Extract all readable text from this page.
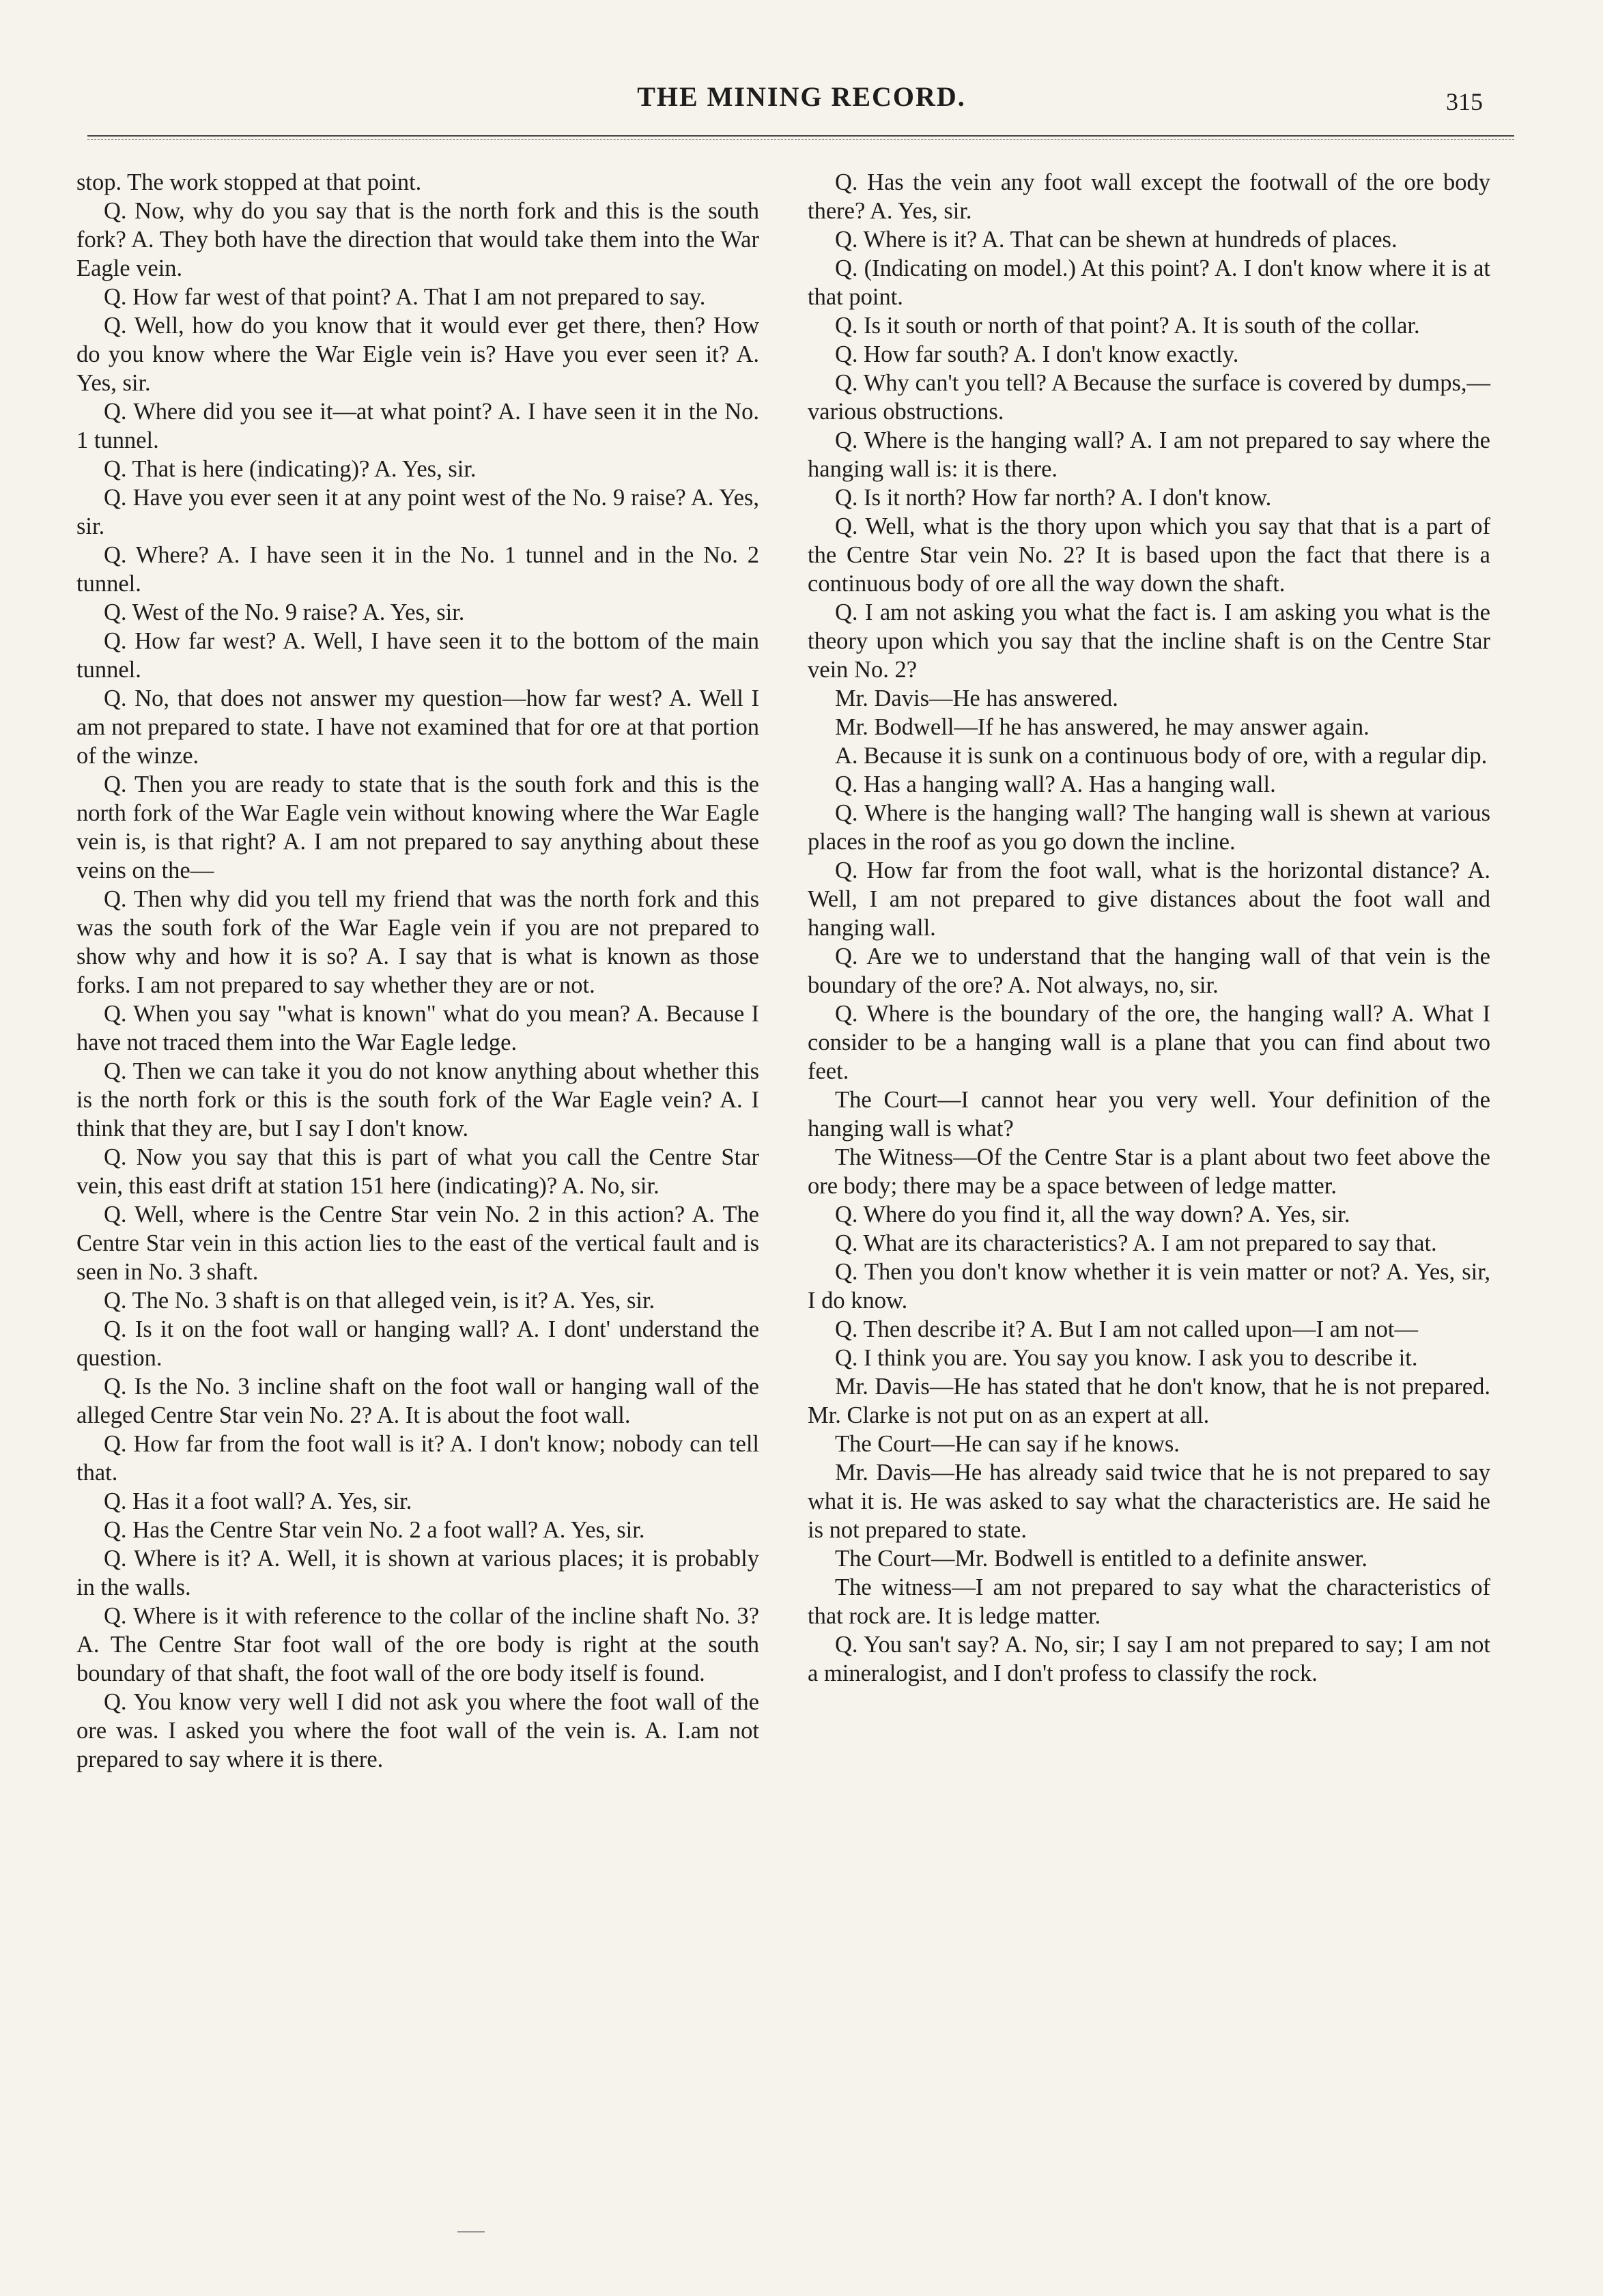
THE MINING RECORD.	315

stop. The work stopped at that point.

Q. Now, why do you say that is the north fork and this is the south fork? A. They both have the direction that would take them into the War Eagle vein.

Q. How far west of that point? A. That I am not prepared to say.

Q. Well, how do you know that it would ever get there, then? How do you know where the War Eigle vein is? Have you ever seen it? A. Yes, sir.

Q. Where did you see it—at what point? A. I have seen it in the No. 1 tunnel.

Q. That is here (indicating)? A. Yes, sir.

Q. Have you ever seen it at any point west of the No. 9 raise? A. Yes, sir.

Q. Where? A. I have seen it in the No. 1 tunnel and in the No. 2 tunnel.

Q. West of the No. 9 raise? A. Yes, sir.

Q. How far west? A. Well, I have seen it to the bottom of the main tunnel.

Q. No, that does not answer my question—how far west? A. Well I am not prepared to state. I have not examined that for ore at that portion of the winze.

Q. Then you are ready to state that is the south fork and this is the north fork of the War Eagle vein without knowing where the War Eagle vein is, is that right? A. I am not prepared to say anything about these veins on the—

Q. Then why did you tell my friend that was the north fork and this was the south fork of the War Eagle vein if you are not prepared to show why and how it is so? A. I say that is what is known as those forks. I am not prepared to say whether they are or not.

Q. When you say "what is known" what do you mean? A. Because I have not traced them into the War Eagle ledge.

Q. Then we can take it you do not know anything about whether this is the north fork or this is the south fork of the War Eagle vein? A. I think that they are, but I say I don't know.

Q. Now you say that this is part of what you call the Centre Star vein, this east drift at station 151 here (indicating)? A. No, sir.

Q. Well, where is the Centre Star vein No. 2 in this action? A. The Centre Star vein in this action lies to the east of the vertical fault and is seen in No. 3 shaft.

Q. The No. 3 shaft is on that alleged vein, is it? A. Yes, sir.

Q. Is it on the foot wall or hanging wall? A. I dont' understand the question.

Q. Is the No. 3 incline shaft on the foot wall or hanging wall of the alleged Centre Star vein No. 2? A. It is about the foot wall.

Q. How far from the foot wall is it? A. I don't know; nobody can tell that.

Q. Has it a foot wall? A. Yes, sir.

Q. Has the Centre Star vein No. 2 a foot wall? A. Yes, sir.

Q. Where is it? A. Well, it is shown at various places; it is probably in the walls.

Q. Where is it with reference to the collar of the incline shaft No. 3? A. The Centre Star foot wall of the ore body is right at the south boundary of that shaft, the foot wall of the ore body itself is found.

Q. You know very well I did not ask you where the foot wall of the ore was. I asked you where the foot wall of the vein is. A. I.am not prepared to say where it is there.

Q. Has the vein any foot wall except the footwall of the ore body there? A. Yes, sir.

Q. Where is it? A. That can be shewn at hundreds of places.

Q. (Indicating on model.) At this point? A. I don't know where it is at that point.

Q. Is it south or north of that point? A. It is south of the collar.

Q. How far south? A. I don't know exactly.

Q. Why can't you tell? A Because the surface is covered by dumps,—various obstructions.

Q. Where is the hanging wall? A. I am not prepared to say where the hanging wall is: it is there.

Q. Is it north? How far north? A. I don't know.

Q. Well, what is the thory upon which you say that that is a part of the Centre Star vein No. 2? It is based upon the fact that there is a continuous body of ore all the way down the shaft.

Q. I am not asking you what the fact is. I am asking you what is the theory upon which you say that the incline shaft is on the Centre Star vein No. 2?

Mr. Davis—He has answered.

Mr. Bodwell—If he has answered, he may answer again.

A. Because it is sunk on a continuous body of ore, with a regular dip.

Q. Has a hanging wall? A. Has a hanging wall.

Q. Where is the hanging wall? The hanging wall is shewn at various places in the roof as you go down the incline.

Q. How far from the foot wall, what is the horizontal distance? A. Well, I am not prepared to give distances about the foot wall and hanging wall.

Q. Are we to understand that the hanging wall of that vein is the boundary of the ore? A. Not always, no, sir.

Q. Where is the boundary of the ore, the hanging wall? A. What I consider to be a hanging wall is a plane that you can find about two feet.

The Court—I cannot hear you very well. Your definition of the hanging wall is what?

The Witness—Of the Centre Star is a plant about two feet above the ore body; there may be a space between of ledge matter.

Q. Where do you find it, all the way down? A. Yes, sir.

Q. What are its characteristics? A. I am not prepared to say that.

Q. Then you don't know whether it is vein matter or not? A. Yes, sir, I do know.

Q. Then describe it? A. But I am not called upon—I am not—

Q. I think you are. You say you know. I ask you to describe it.

Mr. Davis—He has stated that he don't know, that he is not prepared. Mr. Clarke is not put on as an expert at all.

The Court—He can say if he knows.

Mr. Davis—He has already said twice that he is not prepared to say what it is. He was asked to say what the characteristics are. He said he is not prepared to state.

The Court—Mr. Bodwell is entitled to a definite answer.

The witness—I am not prepared to say what the characteristics of that rock are. It is ledge matter.

Q. You san't say? A. No, sir; I say I am not prepared to say; I am not a mineralogist, and I don't profess to classify the rock.
